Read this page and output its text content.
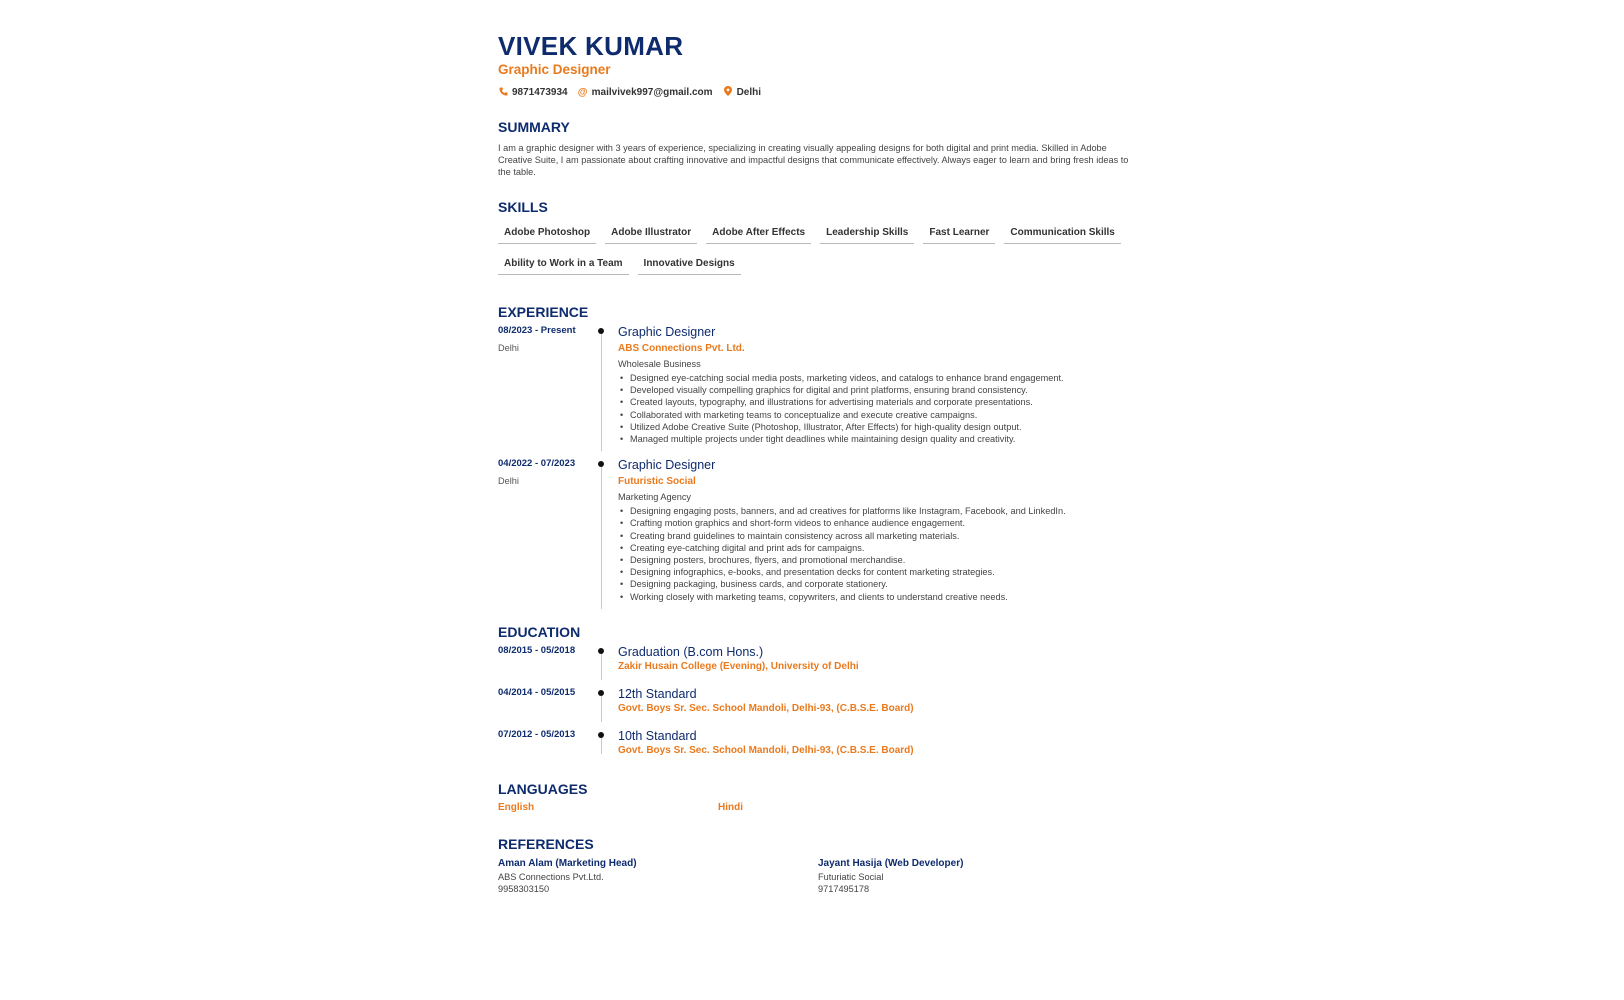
VIVEK KUMAR
Graphic Designer
9871473934 @ mailvivek997@gmail.com Delhi
SUMMARY
I am a graphic designer with 3 years of experience, specializing in creating visually appealing designs for both digital and print media. Skilled in Adobe Creative Suite, I am passionate about crafting innovative and impactful designs that communicate effectively. Always eager to learn and bring fresh ideas to the table.
SKILLS
Adobe Photoshop	Adobe Illustrator	Adobe After Effects	Leadership Skills	Fast Learner	Communication Skills
Ability to Work in a Team	Innovative Designs
EXPERIENCE
08/2023 - Present
Delhi
Graphic Designer
ABS Connections Pvt. Ltd.
Wholesale Business
• Designed eye-catching social media posts, marketing videos, and catalogs to enhance brand engagement.
• Developed visually compelling graphics for digital and print platforms, ensuring brand consistency.
• Created layouts, typography, and illustrations for advertising materials and corporate presentations.
• Collaborated with marketing teams to conceptualize and execute creative campaigns.
• Utilized Adobe Creative Suite (Photoshop, Illustrator, After Effects) for high-quality design output.
• Managed multiple projects under tight deadlines while maintaining design quality and creativity.
04/2022 - 07/2023
Delhi
Graphic Designer
Futuristic Social
Marketing Agency
• Designing engaging posts, banners, and ad creatives for platforms like Instagram, Facebook, and LinkedIn.
• Crafting motion graphics and short-form videos to enhance audience engagement.
• Creating brand guidelines to maintain consistency across all marketing materials.
• Creating eye-catching digital and print ads for campaigns.
• Designing posters, brochures, flyers, and promotional merchandise.
• Designing infographics, e-books, and presentation decks for content marketing strategies.
• Designing packaging, business cards, and corporate stationery.
• Working closely with marketing teams, copywriters, and clients to understand creative needs.
EDUCATION
08/2015 - 05/2018	Graduation (B.com Hons.)
Zakir Husain College (Evening), University of Delhi
04/2014 - 05/2015	12th Standard
Govt. Boys Sr. Sec. School Mandoli, Delhi-93, (C.B.S.E. Board)
07/2012 - 05/2013	10th Standard
Govt. Boys Sr. Sec. School Mandoli, Delhi-93, (C.B.S.E. Board)
LANGUAGES
English	Hindi
REFERENCES
Aman Alam (Marketing Head)
ABS Connections Pvt.Ltd.
9958303150
Jayant Hasija (Web Developer)
Futuriatic Social
9717495178
